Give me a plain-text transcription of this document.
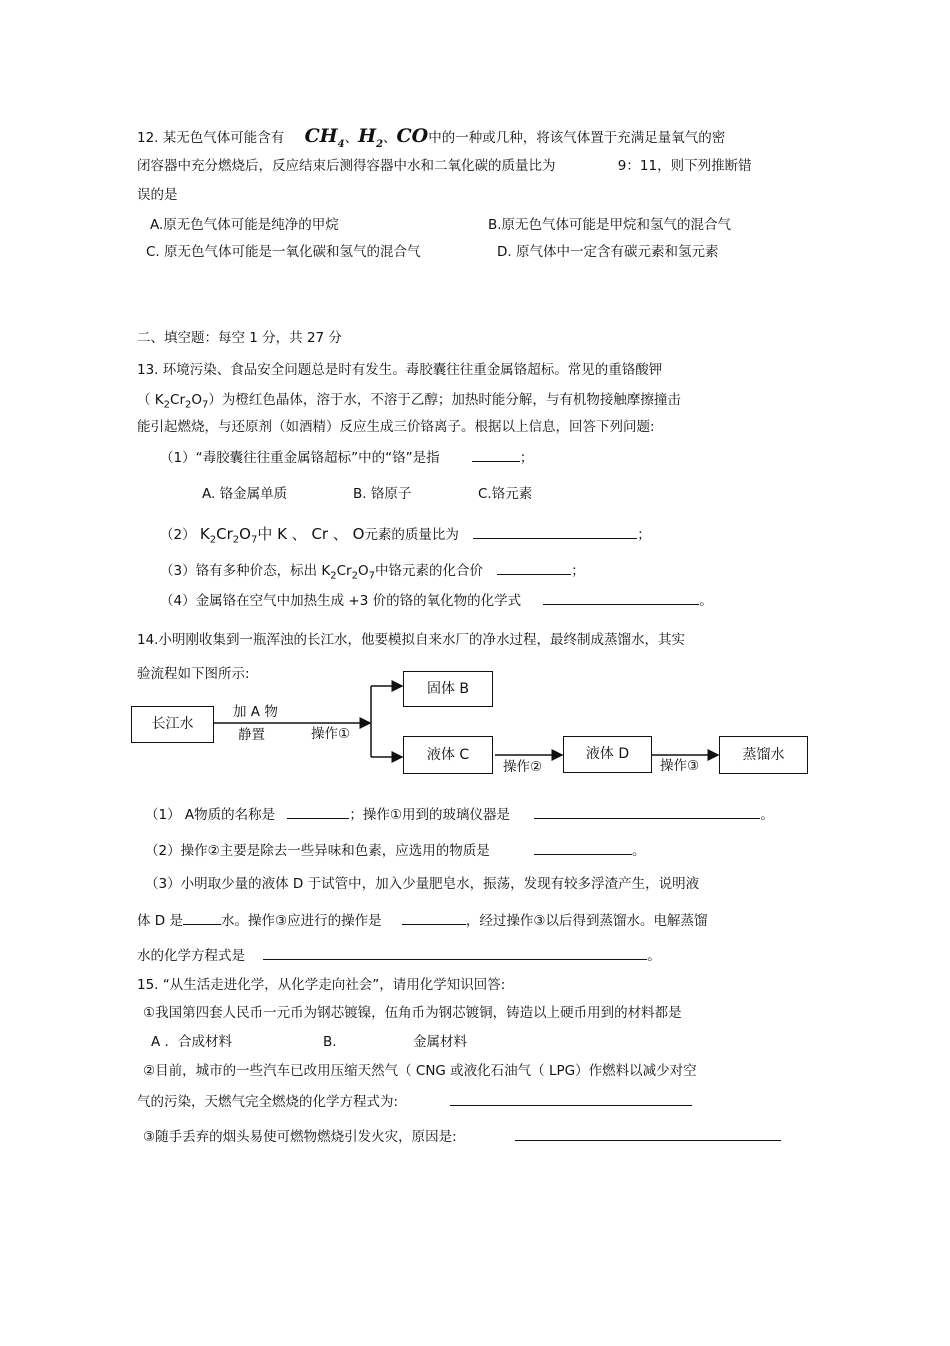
12. 某无色气体可能含有 $CH_4$、$H_2$、CO中的一种或几种，将该气体置于充满足量氧气的密
闭容器中充分燃烧后，反应结束后测得容器中水和二氧化碳的质量比为	9：11，则下列推断错
误的是
A.原无色气体可能是纯净的甲烷	B.原无色气体可能是甲烷和氢气的混合气
C. 原无色气体可能是一氧化碳和氢气的混合气	D. 原气体中一定含有碳元素和氢元素
二、填空题：每空 1 分，共 27 分
13. 环境污染、食品安全问题总是时有发生。毒胶囊往往重金属铬超标。常见的重铬酸钾
（ $K_2Cr_2O_7$）为橙红色晶体，溶于水，不溶于乙醇；加热时能分解，与有机物接触摩擦撞击
能引起燃烧，与还原剂（如酒精）反应生成三价铬离子。根据以上信息，回答下列问题:
（1）“毒胶囊往往重金属铬超标”中的“铬”是指	；
A. 铬金属单质	B. 铬原子	C.铬元素
（2） $K_2Cr_2O_7$中 K 、 Cr 、 O元素的质量比为	；
（3）铬有多种价态，标出 $K_2Cr_2O_7$中铬元素的化合价	；
（4）金属铬在空气中加热生成 +3 价的铬的氧化物的化学式	。
14.小明刚收集到一瓶浑浊的长江水，他要模拟自来水厂的净水过程，最终制成蒸馏水，其实
验流程如下图所示:
长江水
加 A 物
静置	操作①
固体 B
液体 C
操作②
液体 D
操作③
蒸馏水
（1） A物质的名称是	；操作①用到的玻璃仪器是	。
（2）操作②主要是除去一些异味和色素，应选用的物质是	。
（3）小明取少量的液体 D 于试管中，加入少量肥皂水，振荡，发现有较多浮渣产生，说明液
体 D 是	水。操作③应进行的操作是	，经过操作③以后得到蒸馏水。电解蒸馏
水的化学方程式是	。
15. “从生活走进化学，从化学走向社会”，请用化学知识回答:
①我国第四套人民币一元币为钢芯镀镍，伍角币为钢芯镀铜，铸造以上硬币用到的材料都是
A ．合成材料	B.	金属材料
②目前，城市的一些汽车已改用压缩天然气（ CNG 或液化石油气（ LPG）作燃料以减少对空
气的污染，天燃气完全燃烧的化学方程式为:
③随手丢弃的烟头易使可燃物燃烧引发火灾，原因是:
